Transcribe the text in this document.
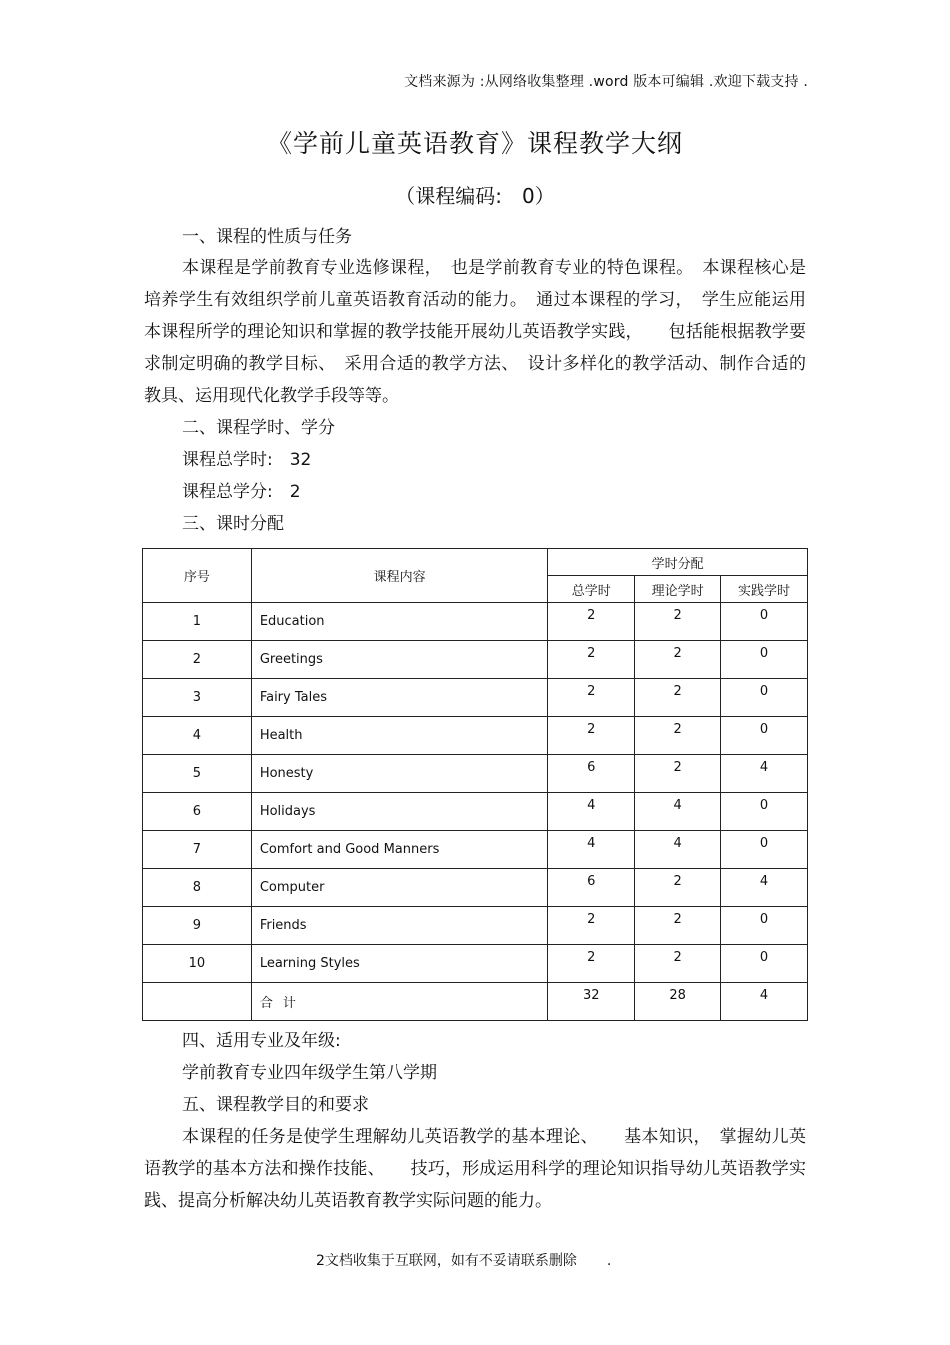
文档来源为 :从网络收集整理 .word 版本可编辑 .欢迎下载支持 .
《学前儿童英语教育》课程教学大纲
（课程编码:　0）
一、课程的性质与任务
本课程是学前教育专业选修课程，　也是学前教育专业的特色课程。　本课程核心是培养学生有效组织学前儿童英语教育活动的能力。　通过本课程的学习，　学生应能运用本课程所学的理论知识和掌握的教学技能开展幼儿英语教学实践，　　包括能根据教学要求制定明确的教学目标、　采用合适的教学方法、　设计多样化的教学活动、制作合适的教具、运用现代化教学手段等等。
二、课程学时、学分
课程总学时:　32
课程总学分:　2
三、课时分配
序号	课程内容	学时分配		
		总学时	理论学时	实践学时
1	Education	2	2	0
2	Greetings	2	2	0
3	Fairy Tales	2	2	0
4	Health	2	2	0
5	Honesty	6	2	4
6	Holidays	4	4	0
7	Comfort and Good Manners	4	4	0
8	Computer	6	2	4
9	Friends	2	2	0
10	Learning Styles	2	2	0
	合计	32	28	4
四、适用专业及年级:
学前教育专业四年级学生第八学期
五、课程教学目的和要求
本课程的任务是使学生理解幼儿英语教学的基本理论、　　基本知识，　掌握幼儿英语教学的基本方法和操作技能、　　技巧，形成运用科学的理论知识指导幼儿英语教学实践、提高分析解决幼儿英语教育教学实际问题的能力。
2文档收集于互联网，如有不妥请联系删除 .
